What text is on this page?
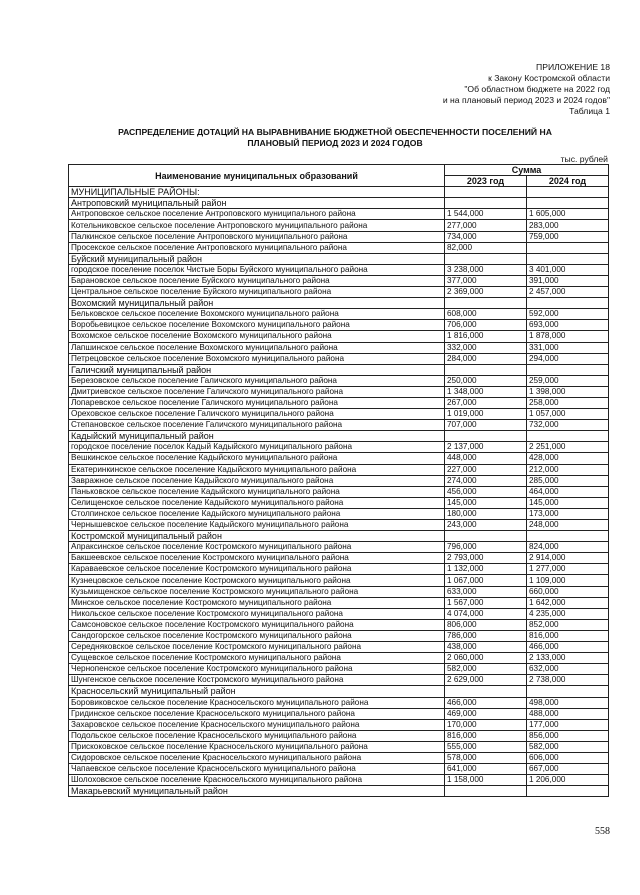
ПРИЛОЖЕНИЕ 18
к Закону Костромской области
"Об областном бюджете на 2022 год
и на плановый период 2023 и 2024 годов"
Таблица 1
РАСПРЕДЕЛЕНИЕ ДОТАЦИЙ НА ВЫРАВНИВАНИЕ БЮДЖЕТНОЙ ОБЕСПЕЧЕННОСТИ ПОСЕЛЕНИЙ НА
ПЛАНОВЫЙ ПЕРИОД 2023 И 2024 ГОДОВ
тыс. рублей
Наименование муниципальных образований	Сумма	
	2023 год	2024 год
МУНИЦИПАЛЬНЫЕ РАЙОНЫ:		
Антроповский муниципальный район		
Антроповское сельское поселение Антроповского муниципального района	1 544,000	1 605,000
Котельниковское сельское поселение Антроповского муниципального района	277,000	283,000
Палкинское сельское поселение Антроповского муниципального района	734,000	759,000
Просекское сельское поселение Антроповского муниципального района	82,000	
Буйский муниципальный район		
городское поселение поселок Чистые Боры Буйского муниципального района	3 238,000	3 401,000
Барановское сельское поселение Буйского муниципального района	377,000	391,000
Центральное сельское поселение Буйского муниципального района	2 369,000	2 457,000
Вохомский муниципальный район		
Бельковское сельское поселение Вохомского муниципального района	608,000	592,000
Воробьевицкое сельское поселение Вохомского муниципального района	706,000	693,000
Вохомское сельское поселение Вохомского муниципального района	1 816,000	1 878,000
Лапшинское сельское поселение Вохомского муниципального района	332,000	331,000
Петрецовское сельское поселение Вохомского муниципального района	284,000	294,000
Галичский муниципальный район		
Березовское сельское поселение Галичского муниципального района	250,000	259,000
Дмитриевское сельское поселение Галичского муниципального района	1 348,000	1 398,000
Лопаревское сельское поселение Галичского муниципального района	267,000	258,000
Ореховское сельское поселение Галичского муниципального района	1 019,000	1 057,000
Степановское сельское поселение Галичского муниципального района	707,000	732,000
Кадыйский муниципальный район		
городское поселение поселок Кадый Кадыйского муниципального района	2 137,000	2 251,000
Вешкинское сельское поселение Кадыйского муниципального района	448,000	428,000
Екатеринкинское сельское поселение Кадыйского муниципального района	227,000	212,000
Завражное сельское поселение Кадыйского муниципального района	274,000	285,000
Паньковское сельское поселение Кадыйского муниципального района	456,000	464,000
Селищенское сельское поселение Кадыйского муниципального района	145,000	145,000
Столпинское сельское поселение Кадыйского муниципального района	180,000	173,000
Чернышевское сельское поселение Кадыйского муниципального района	243,000	248,000
Костромской муниципальный район		
Апраксинское сельское поселение Костромского муниципального района	796,000	824,000
Бакшеевское сельское поселение Костромского муниципального района	2 793,000	2 914,000
Караваевское сельское поселение Костромского муниципального района	1 132,000	1 277,000
Кузнецовское сельское поселение Костромского муниципального района	1 067,000	1 109,000
Кузьмищенское сельское поселение Костромского муниципального района	633,000	660,000
Минское сельское поселение Костромского муниципального района	1 567,000	1 642,000
Никольское сельское поселение Костромского муниципального района	4 074,000	4 235,000
Самсоновское сельское поселение Костромского муниципального района	806,000	852,000
Сандогорское сельское поселение Костромского муниципального района	786,000	816,000
Середняковское сельское поселение Костромского муниципального района	438,000	466,000
Сущевское сельское поселение Костромского муниципального района	2 060,000	2 133,000
Чернопенское сельское поселение Костромского муниципального района	582,000	632,000
Шунгенское сельское поселение Костромского муниципального района	2 629,000	2 738,000
Красносельский муниципальный район		
Боровиковское сельское поселение Красносельского муниципального района	466,000	498,000
Гридинское сельское поселение Красносельского муниципального района	469,000	488,000
Захаровское сельское поселение Красносельского муниципального района	170,000	177,000
Подольское сельское поселение Красносельского муниципального района	816,000	856,000
Прискоковское сельское поселение Красносельского муниципального района	555,000	582,000
Сидоровское сельское поселение Красносельского муниципального района	578,000	606,000
Чапаевское сельское поселение Красносельского муниципального района	641,000	667,000
Шолоховское сельское поселение Красносельского муниципального района	1 158,000	1 206,000
Макарьевский муниципальный район		
558
